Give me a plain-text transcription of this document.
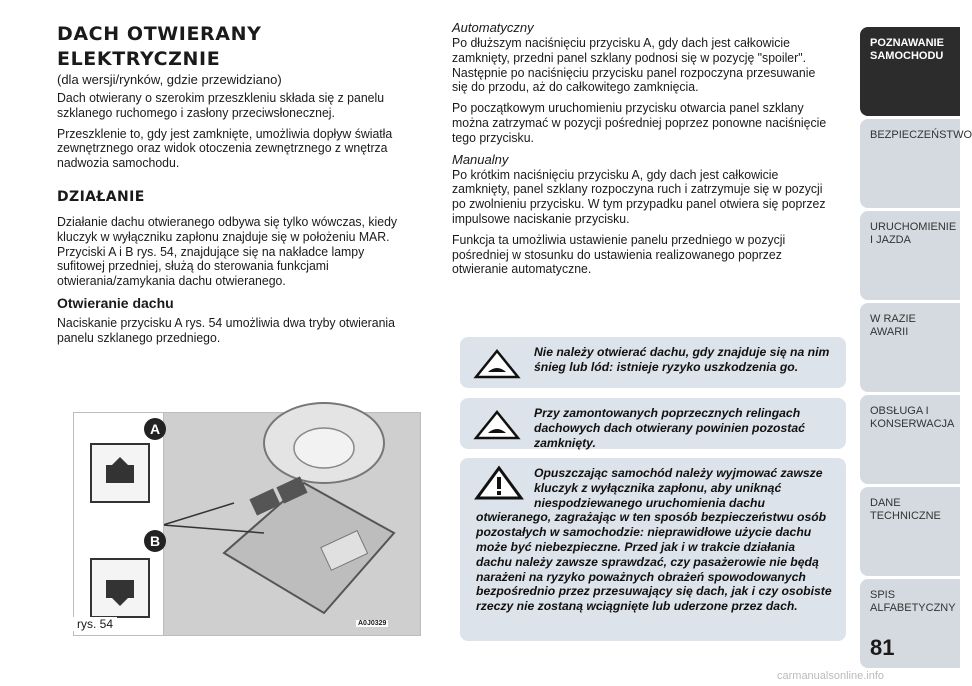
DACH OTWIERANY
ELEKTRYCZNIE
(dla wersji/rynków, gdzie przewidziano)

Dach otwierany o szerokim przeszkleniu składa się z panelu szklanego ruchomego i zasłony przeciwsłonecznej.

Przeszklenie to, gdy jest zamknięte, umożliwia dopływ światła zewnętrznego oraz widok otoczenia zewnętrznego z wnętrza nadwozia samochodu.

DZIAŁANIE

Działanie dachu otwieranego odbywa się tylko wówczas, kiedy kluczyk w wyłączniku zapłonu znajduje się w położeniu MAR. Przyciski A i B rys. 54, znajdujące się na nakładce lampy sufitowej przedniej, służą do sterowania funkcjami otwierania/zamykania dachu otwieranego.

Otwieranie dachu

Naciskanie przycisku A rys. 54 umożliwia dwa tryby otwierania panelu szklanego przedniego.

A
B
rys. 54	A0J0329
Automatyczny

Po dłuższym naciśnięciu przycisku A, gdy dach jest całkowicie zamknięty, przedni panel szklany podnosi się w pozycję "spoiler". Następnie po naciśnięciu przycisku panel rozpoczyna przesuwanie się do przodu, aż do całkowitego zamknięcia.

Po początkowym uruchomieniu przycisku otwarcia panel szklany można zatrzymać w pozycji pośredniej poprzez ponowne naciśnięcie tego przycisku.

Manualny

Po krótkim naciśnięciu przycisku A, gdy dach jest całkowicie zamknięty, panel szklany rozpoczyna ruch i zatrzymuje się w pozycji po zwolnieniu przycisku. W tym przypadku panel otwiera się poprzez impulsowe naciskanie przycisku.

Funkcja ta umożliwia ustawienie panelu przedniego w pozycji pośredniej w stosunku do ustawienia realizowanego poprzez otwieranie automatyczne.

Nie należy otwierać dachu, gdy znajduje się na nim śnieg lub lód: istnieje ryzyko uszkodzenia go.
Przy zamontowanych poprzecznych relingach dachowych dach otwierany powinien pozostać zamknięty.
Opuszczając samochód należy wyjmować zawsze kluczyk z wyłącznika zapłonu, aby uniknąć niespodziewanego uruchomienia dachu otwieranego, zagrażając w ten sposób bezpieczeństwu osób pozostałych w samochodzie: nieprawidłowe użycie dachu może być niebezpieczne. Przed jak i w trakcie działania dachu należy zawsze sprawdzać, czy pasażerowie nie będą narażeni na ryzyko poważnych obrażeń spowodowanych bezpośrednio przez przesuwający się dach, jak i czy osobiste rzeczy nie zostaną wciągnięte lub uderzone przez dach.
POZNAWANIE SAMOCHODU
BEZPIECZEŃSTWO
URUCHOMIENIE I JAZDA
W RAZIE AWARII
OBSŁUGA I KONSERWACJA
DANE TECHNICZNE
SPIS ALFABETYCZNY
81
carmanualsonline.info
